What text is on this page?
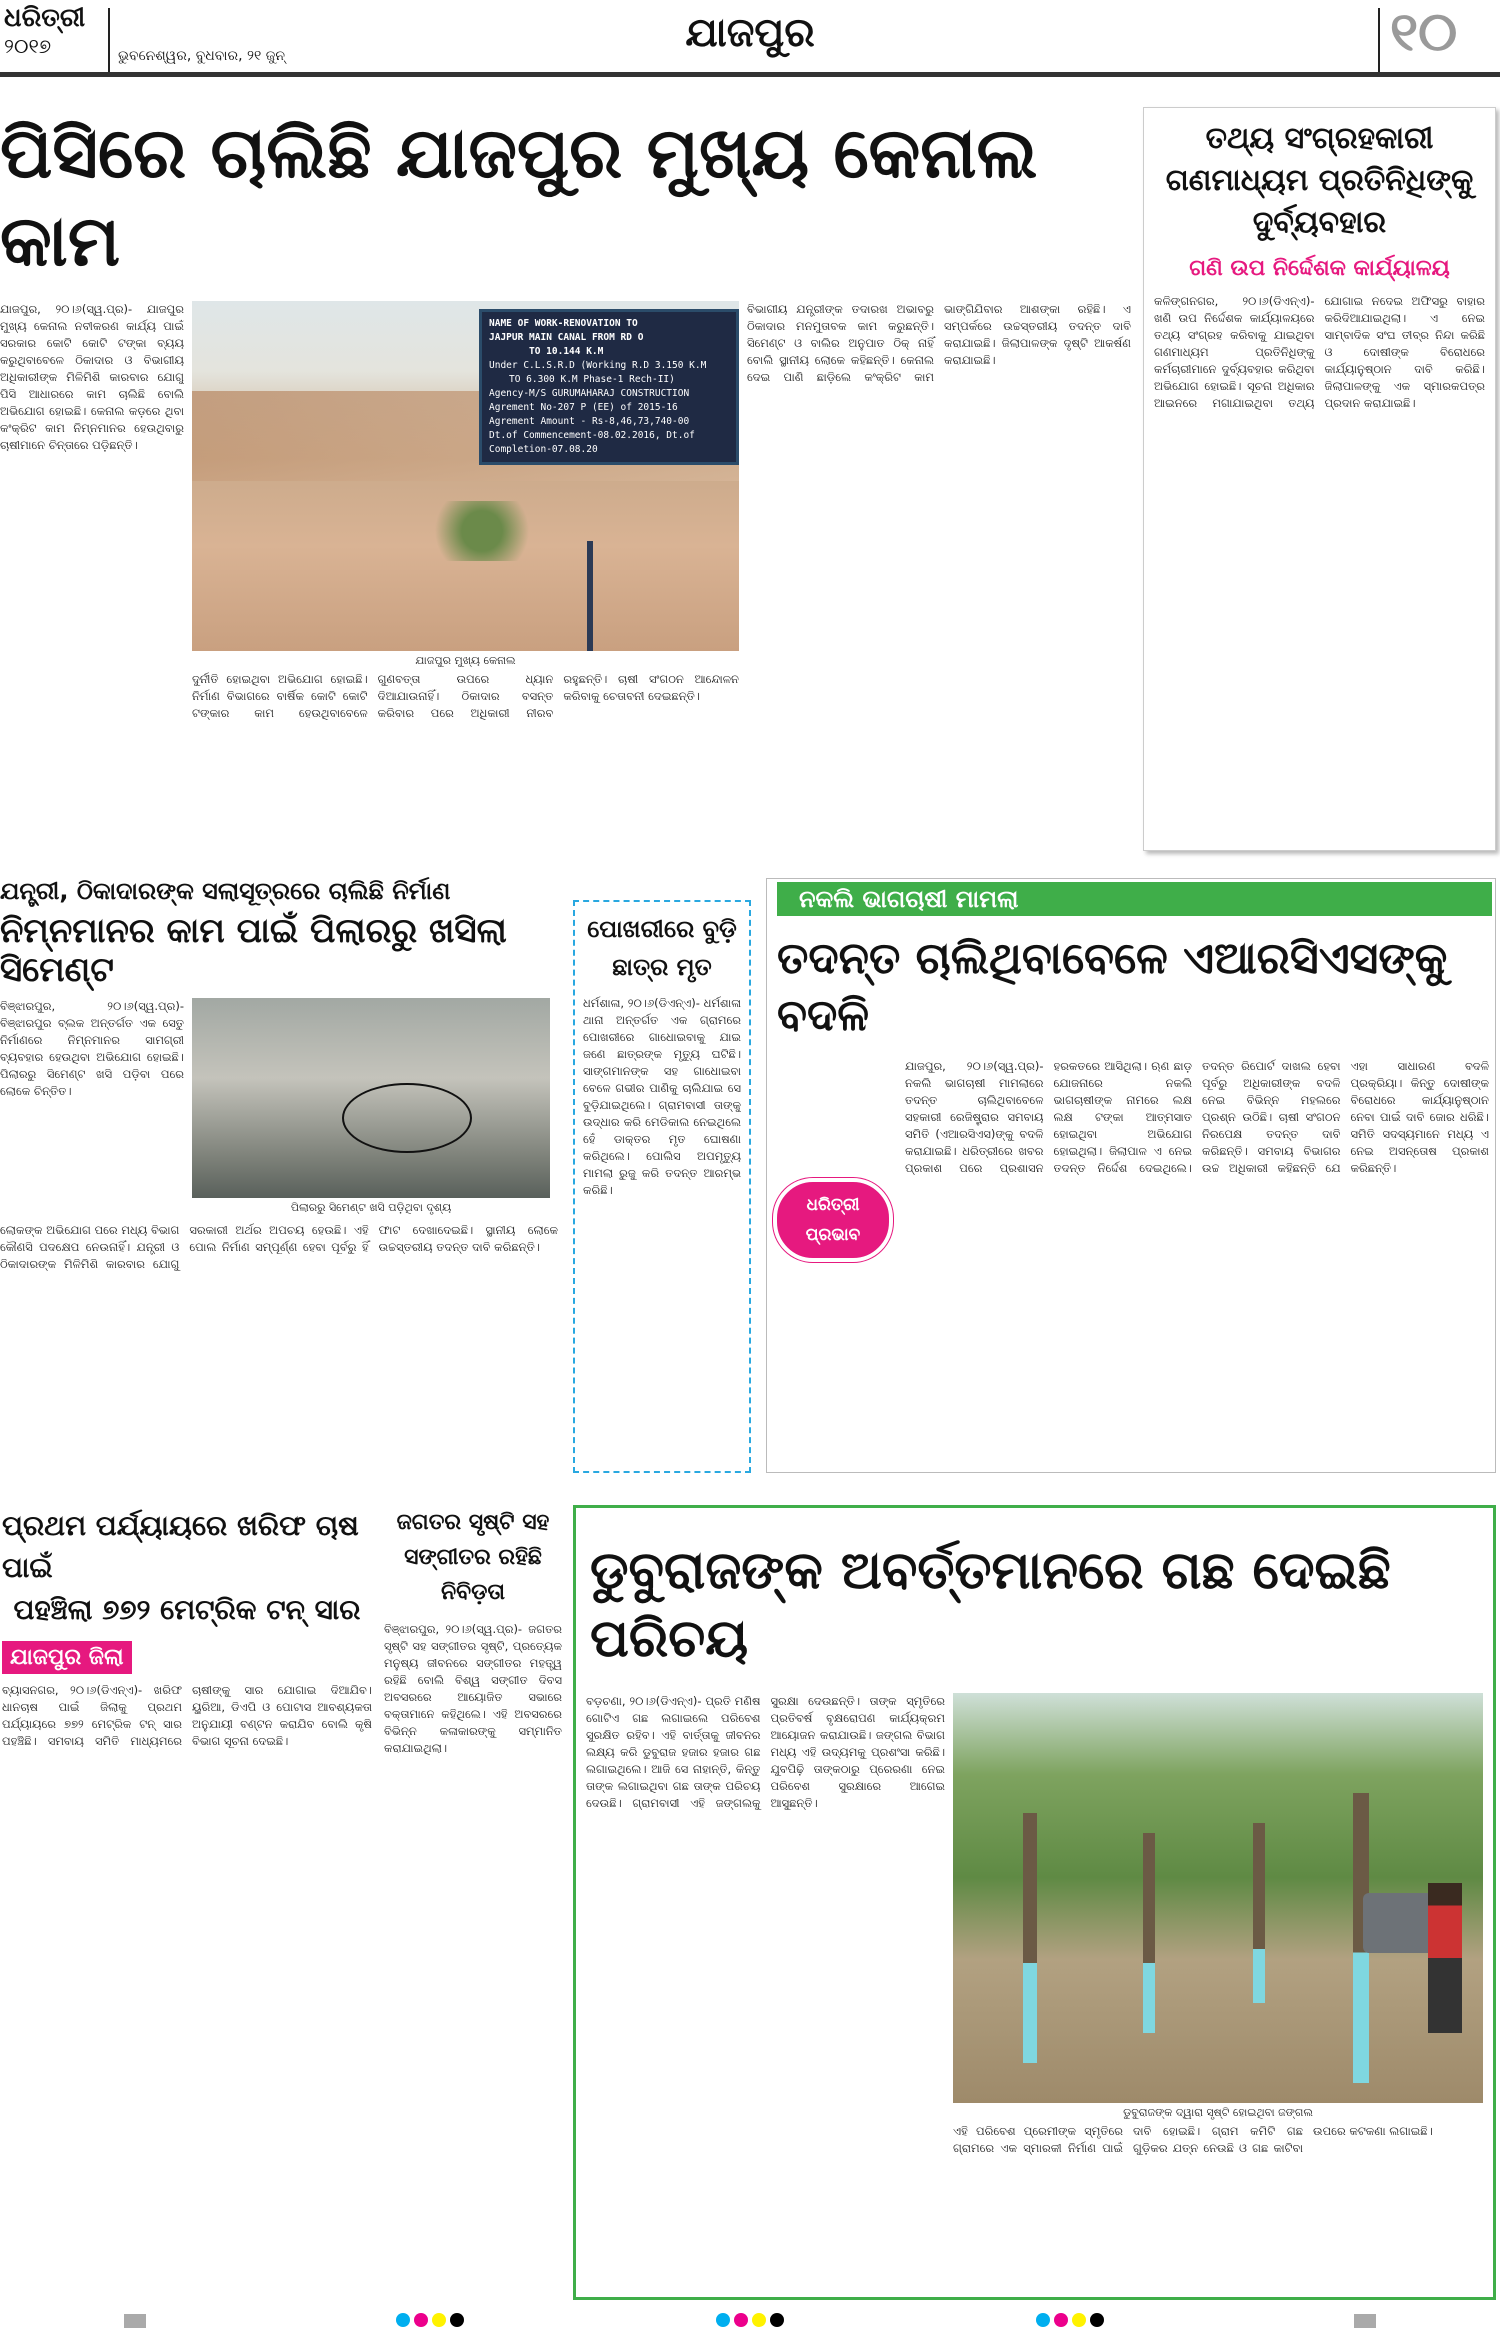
ଧରିତ୍ରୀ
୨୦୧୭	ଭୁବନେଶ୍ୱର, ବୁଧବାର, ୨୧ ଜୁନ୍	ଯାଜପୁର	୧୦
ପିସିରେ ଚାଲିଛି ଯାଜପୁର ମୁଖ୍ୟ କେନାଲ କାମ
ଯାଜପୁର, ୨୦।୬(ସ୍ୱ.ପ୍ର)- ଯାଜପୁର ମୁଖ୍ୟ କେନାଲ ନବୀକରଣ କାର୍ଯ୍ୟ ପାଇଁ ସରକାର କୋଟି କୋଟି ଟଙ୍କା ବ୍ୟୟ କରୁଥିବାବେଳେ ଠିକାଦାର ଓ ବିଭାଗୀୟ ଅଧିକାରୀଙ୍କ ମିଳିମିଶି କାରବାର ଯୋଗୁ ପିସି ଆଧାରରେ କାମ ଚାଲିଛି ବୋଲି ଅଭିଯୋଗ ହୋଇଛି। କେନାଲ କଡ଼ରେ ଥିବା କଂକ୍ରିଟ କାମ ନିମ୍ନମାନର ହେଉଥିବାରୁ ଚାଷୀମାନେ ଚିନ୍ତାରେ ପଡ଼ିଛନ୍ତି।
NAME OF WORK-RENOVATION TO
JAJPUR MAIN CANAL FROM RD O
TO 10.144 K.M
Under C.L.S.R.D (Working R.D 3.150 K.M
TO 6.300 K.M Phase-1 Rech-II)
Agency-M/S GURUMAHARAJ CONSTRUCTION
Agrement No-207 P (EE) of 2015-16
Agrement Amount - Rs-8,46,73,740-00
Dt.of Commencement-08.02.2016, Dt.of Completion-07.08.20
ଯାଜପୁର ମୁଖ୍ୟ କେନାଲ
ଦୁର୍ନୀତି ହୋଇଥିବା ଅଭିଯୋଗ ହୋଇଛି। ନିର୍ମାଣ ବିଭାଗରେ ବାର୍ଷିକ କୋଟି କୋଟି ଟଙ୍କାର କାମ ହେଉଥିବାବେଳେ ଗୁଣବତ୍ତା ଉପରେ ଧ୍ୟାନ ଦିଆଯାଉନାହିଁ। ଠିକାଦାର ବସନ୍ତ କରିବାର ପରେ ଅଧିକାରୀ ନୀରବ ରହୁଛନ୍ତି। ଚାଷୀ ସଂଗଠନ ଆନ୍ଦୋଳନ କରିବାକୁ ଚେତାବନୀ ଦେଇଛନ୍ତି।
ବିଭାଗୀୟ ଯନ୍ତ୍ରୀଙ୍କ ତଦାରଖ ଅଭାବରୁ ଠିକାଦାର ମନମୁତାବକ କାମ କରୁଛନ୍ତି। ସିମେଣ୍ଟ ଓ ବାଲିର ଅନୁପାତ ଠିକ୍ ନାହିଁ ବୋଲି ସ୍ଥାନୀୟ ଲୋକେ କହିଛନ୍ତି। କେନାଲ ଦେଇ ପାଣି ଛାଡ଼ିଲେ କଂକ୍ରିଟ କାମ ଭାଙ୍ଗିଯିବାର ଆଶଙ୍କା ରହିଛି। ଏ ସମ୍ପର୍କରେ ଉଚ୍ଚସ୍ତରୀୟ ତଦନ୍ତ ଦାବି କରାଯାଇଛି। ଜିଲାପାଳଙ୍କ ଦୃଷ୍ଟି ଆକର୍ଷଣ କରାଯାଇଛି।
ତଥ୍ୟ ସଂଗ୍ରହକାରୀ ଗଣମାଧ୍ୟମ ପ୍ରତିନିଧିଙ୍କୁ ଦୁର୍ବ୍ୟବହାର
ଗଣି ଉପ ନିର୍ଦ୍ଦେଶକ କାର୍ଯ୍ୟାଳୟ
କଳିଙ୍ଗନଗର, ୨୦।୬(ଡିଏନ୍ଏ)- ଖଣି ଉପ ନିର୍ଦ୍ଦେଶକ କାର୍ଯ୍ୟାଳୟରେ ତଥ୍ୟ ସଂଗ୍ରହ କରିବାକୁ ଯାଇଥିବା ଗଣମାଧ୍ୟମ ପ୍ରତିନିଧିଙ୍କୁ କର୍ମଚାରୀମାନେ ଦୁର୍ବ୍ୟବହାର କରିଥିବା ଅଭିଯୋଗ ହୋଇଛି। ସୂଚନା ଅଧିକାର ଆଇନରେ ମଗାଯାଇଥିବା ତଥ୍ୟ ଯୋଗାଇ ନଦେଇ ଅଫିସରୁ ବାହାର କରିଦିଆଯାଇଥିଲା। ଏ ନେଇ ସାମ୍ବାଦିକ ସଂଘ ତୀବ୍ର ନିନ୍ଦା କରିଛି ଓ ଦୋଷୀଙ୍କ ବିରୋଧରେ କାର୍ଯ୍ୟାନୁଷ୍ଠାନ ଦାବି କରିଛି। ଜିଲାପାଳଙ୍କୁ ଏକ ସ୍ମାରକପତ୍ର ପ୍ରଦାନ କରାଯାଇଛି।
ଯନ୍ତ୍ରୀ, ଠିକାଦାରଙ୍କ ସଲାସୂତ୍ରରେ ଚାଲିଛି ନିର୍ମାଣ
ନିମ୍ନମାନର କାମ ପାଇଁ ପିଲାରରୁ ଖସିଲା ସିମେଣ୍ଟ
ବିଞ୍ଝାରପୁର, ୨୦।୬(ସ୍ୱ.ପ୍ର)- ବିଞ୍ଝାରପୁର ବ୍ଲକ ଅନ୍ତର୍ଗତ ଏକ ସେତୁ ନିର୍ମାଣରେ ନିମ୍ନମାନର ସାମଗ୍ରୀ ବ୍ୟବହାର ହେଉଥିବା ଅଭିଯୋଗ ହୋଇଛି। ପିଲାରରୁ ସିମେଣ୍ଟ ଖସି ପଡ଼ିବା ପରେ ଲୋକେ ଚିନ୍ତିତ।
ପିଲାରରୁ ସିମେଣ୍ଟ ଖସି ପଡ଼ିଥିବା ଦୃଶ୍ୟ
ଲୋକଙ୍କ ଅଭିଯୋଗ ପରେ ମଧ୍ୟ ବିଭାଗ କୌଣସି ପଦକ୍ଷେପ ନେଉନାହିଁ। ଯନ୍ତ୍ରୀ ଓ ଠିକାଦାରଙ୍କ ମିଳିମିଶି କାରବାର ଯୋଗୁ ସରକାରୀ ଅର୍ଥର ଅପଚୟ ହେଉଛି। ଏହି ପୋଲ ନିର୍ମାଣ ସମ୍ପୂର୍ଣ୍ଣ ହେବା ପୂର୍ବରୁ ହିଁ ଫାଟ ଦେଖାଦେଇଛି। ସ୍ଥାନୀୟ ଲୋକେ ଉଚ୍ଚସ୍ତରୀୟ ତଦନ୍ତ ଦାବି କରିଛନ୍ତି।
ପୋଖରୀରେ ବୁଡ଼ି ଛାତ୍ର ମୃତ
ଧର୍ମଶାଳା, ୨୦।୬(ଡିଏନ୍ଏ)- ଧର୍ମଶାଳା ଥାନା ଅନ୍ତର୍ଗତ ଏକ ଗ୍ରାମରେ ପୋଖରୀରେ ଗାଧୋଇବାକୁ ଯାଇ ଜଣେ ଛାତ୍ରଙ୍କ ମୃତ୍ୟୁ ଘଟିଛି। ସାଙ୍ଗମାନଙ୍କ ସହ ଗାଧୋଇବା ବେଳେ ଗଭୀର ପାଣିକୁ ଚାଲିଯାଇ ସେ ବୁଡ଼ିଯାଇଥିଲେ। ଗ୍ରାମବାସୀ ତାଙ୍କୁ ଉଦ୍ଧାର କରି ମେଡିକାଲ ନେଇଥିଲେ ହେଁ ଡାକ୍ତର ମୃତ ଘୋଷଣା କରିଥିଲେ। ପୋଲିସ ଅପମୃତ୍ୟୁ ମାମଲା ରୁଜୁ କରି ତଦନ୍ତ ଆରମ୍ଭ କରିଛି।
ନକଲି ଭାଗଚାଷୀ ମାମଲା
ତଦନ୍ତ ଚାଲିଥିବାବେଳେ ଏଆରସିଏସଙ୍କୁ ବଦଳି
ଧରିତ୍ରୀ ପ୍ରଭାବ
ଯାଜପୁର, ୨୦।୬(ସ୍ୱ.ପ୍ର)- ନକଲି ଭାଗଚାଷୀ ମାମଲାରେ ତଦନ୍ତ ଚାଲିଥିବାବେଳେ ସହକାରୀ ରେଜିଷ୍ଟ୍ରାର ସମବାୟ ସମିତି (ଏଆରସିଏସ)ଙ୍କୁ ବଦଳି କରାଯାଇଛି। ଧରିତ୍ରୀରେ ଖବର ପ୍ରକାଶ ପରେ ପ୍ରଶାସନ ହରକତରେ ଆସିଥିଲା। ଋଣ ଛାଡ଼ ଯୋଜନାରେ ନକଲି ଭାଗଚାଷୀଙ୍କ ନାମରେ ଲକ୍ଷ ଲକ୍ଷ ଟଙ୍କା ଆତ୍ମସାତ ହୋଇଥିବା ଅଭିଯୋଗ ହୋଇଥିଲା। ଜିଲାପାଳ ଏ ନେଇ ତଦନ୍ତ ନିର୍ଦ୍ଦେଶ ଦେଇଥିଲେ। ତଦନ୍ତ ରିପୋର୍ଟ ଦାଖଲ ହେବା ପୂର୍ବରୁ ଅଧିକାରୀଙ୍କ ବଦଳି ନେଇ ବିଭିନ୍ନ ମହଲରେ ପ୍ରଶ୍ନ ଉଠିଛି। ଚାଷୀ ସଂଗଠନ ନିରପେକ୍ଷ ତଦନ୍ତ ଦାବି କରିଛନ୍ତି। ସମବାୟ ବିଭାଗର ଉଚ୍ଚ ଅଧିକାରୀ କହିଛନ୍ତି ଯେ ଏହା ସାଧାରଣ ବଦଳି ପ୍ରକ୍ରିୟା। କିନ୍ତୁ ଦୋଷୀଙ୍କ ବିରୋଧରେ କାର୍ଯ୍ୟାନୁଷ୍ଠାନ ନେବା ପାଇଁ ଦାବି ଜୋର ଧରିଛି। ସମିତି ସଦସ୍ୟମାନେ ମଧ୍ୟ ଏ ନେଇ ଅସନ୍ତୋଷ ପ୍ରକାଶ କରିଛନ୍ତି।
ପ୍ରଥମ ପର୍ଯ୍ୟାୟରେ ଖରିଫ ଚାଷ ପାଇଁ
ପହଞ୍ଚିଲା ୭୭୨ ମେଟ୍ରିକ ଟନ୍ ସାର
ଯାଜପୁର ଜିଲା
ବ୍ୟାସନଗର, ୨୦।୬(ଡିଏନ୍ଏ)- ଖରିଫ ଧାନଚାଷ ପାଇଁ ଜିଲାକୁ ପ୍ରଥମ ପର୍ଯ୍ୟାୟରେ ୭୭୨ ମେଟ୍ରିକ ଟନ୍ ସାର ପହଞ୍ଚିଛି। ସମବାୟ ସମିତି ମାଧ୍ୟମରେ ଚାଷୀଙ୍କୁ ସାର ଯୋଗାଇ ଦିଆଯିବ। ୟୁରିଆ, ଡିଏପି ଓ ପୋଟାସ ଆବଶ୍ୟକତା ଅନୁଯାୟୀ ବଣ୍ଟନ କରାଯିବ ବୋଲି କୃଷି ବିଭାଗ ସୂଚନା ଦେଇଛି।
ଜଗତର ସୃଷ୍ଟି ସହ ସଙ୍ଗୀତର ରହିଛି ନିବିଡ଼ତା
ବିଞ୍ଝାରପୁର, ୨୦।୬(ସ୍ୱ.ପ୍ର)- ଜଗତର ସୃଷ୍ଟି ସହ ସଙ୍ଗୀତର ସୃଷ୍ଟି, ପ୍ରତ୍ୟେକ ମନୁଷ୍ୟ ଜୀବନରେ ସଙ୍ଗୀତର ମହତ୍ତ୍ୱ ରହିଛି ବୋଲି ବିଶ୍ୱ ସଙ୍ଗୀତ ଦିବସ ଅବସରରେ ଆୟୋଜିତ ସଭାରେ ବକ୍ତାମାନେ କହିଥିଲେ। ଏହି ଅବସରରେ ବିଭିନ୍ନ କଳାକାରଙ୍କୁ ସମ୍ମାନିତ କରାଯାଇଥିଲା।
ଡୁବୁରାଜଙ୍କ ଅବର୍ତ୍ତମାନରେ ଗଛ ଦେଇଛି ପରିଚୟ
ବଡ଼ଚଣା, ୨୦।୬(ଡିଏନ୍ଏ)- ପ୍ରତି ମଣିଷ ଗୋଟିଏ ଗଛ ଲଗାଇଲେ ପରିବେଶ ସୁରକ୍ଷିତ ରହିବ। ଏହି ବାର୍ତ୍ତାକୁ ଜୀବନର ଲକ୍ଷ୍ୟ କରି ଡୁବୁରାଜ ହଜାର ହଜାର ଗଛ ଲଗାଇଥିଲେ। ଆଜି ସେ ନାହାନ୍ତି, କିନ୍ତୁ ତାଙ୍କ ଲଗାଇଥିବା ଗଛ ତାଙ୍କ ପରିଚୟ ଦେଉଛି। ଗ୍ରାମବାସୀ ଏହି ଜଙ୍ଗଲକୁ ସୁରକ୍ଷା ଦେଉଛନ୍ତି। ତାଙ୍କ ସ୍ମୃତିରେ ପ୍ରତିବର୍ଷ ବୃକ୍ଷରୋପଣ କାର୍ଯ୍ୟକ୍ରମ ଆୟୋଜନ କରାଯାଉଛି। ଜଙ୍ଗଲ ବିଭାଗ ମଧ୍ୟ ଏହି ଉଦ୍ୟମକୁ ପ୍ରଶଂସା କରିଛି। ଯୁବପିଢ଼ି ତାଙ୍କଠାରୁ ପ୍ରେରଣା ନେଇ ପରିବେଶ ସୁରକ୍ଷାରେ ଆଗେଇ ଆସୁଛନ୍ତି।
ଡୁବୁରାଜଙ୍କ ଦ୍ୱାରା ସୃଷ୍ଟି ହୋଇଥିବା ଜଙ୍ଗଲ
ଏହି ପରିବେଶ ପ୍ରେମୀଙ୍କ ସ୍ମୃତିରେ ଗ୍ରାମରେ ଏକ ସ୍ମାରକୀ ନିର୍ମାଣ ପାଇଁ ଦାବି ହୋଇଛି। ଗ୍ରାମ କମିଟି ଗଛ ଗୁଡ଼ିକର ଯତ୍ନ ନେଉଛି ଓ ଗଛ କାଟିବା ଉପରେ କଟକଣା ଲଗାଇଛି।
